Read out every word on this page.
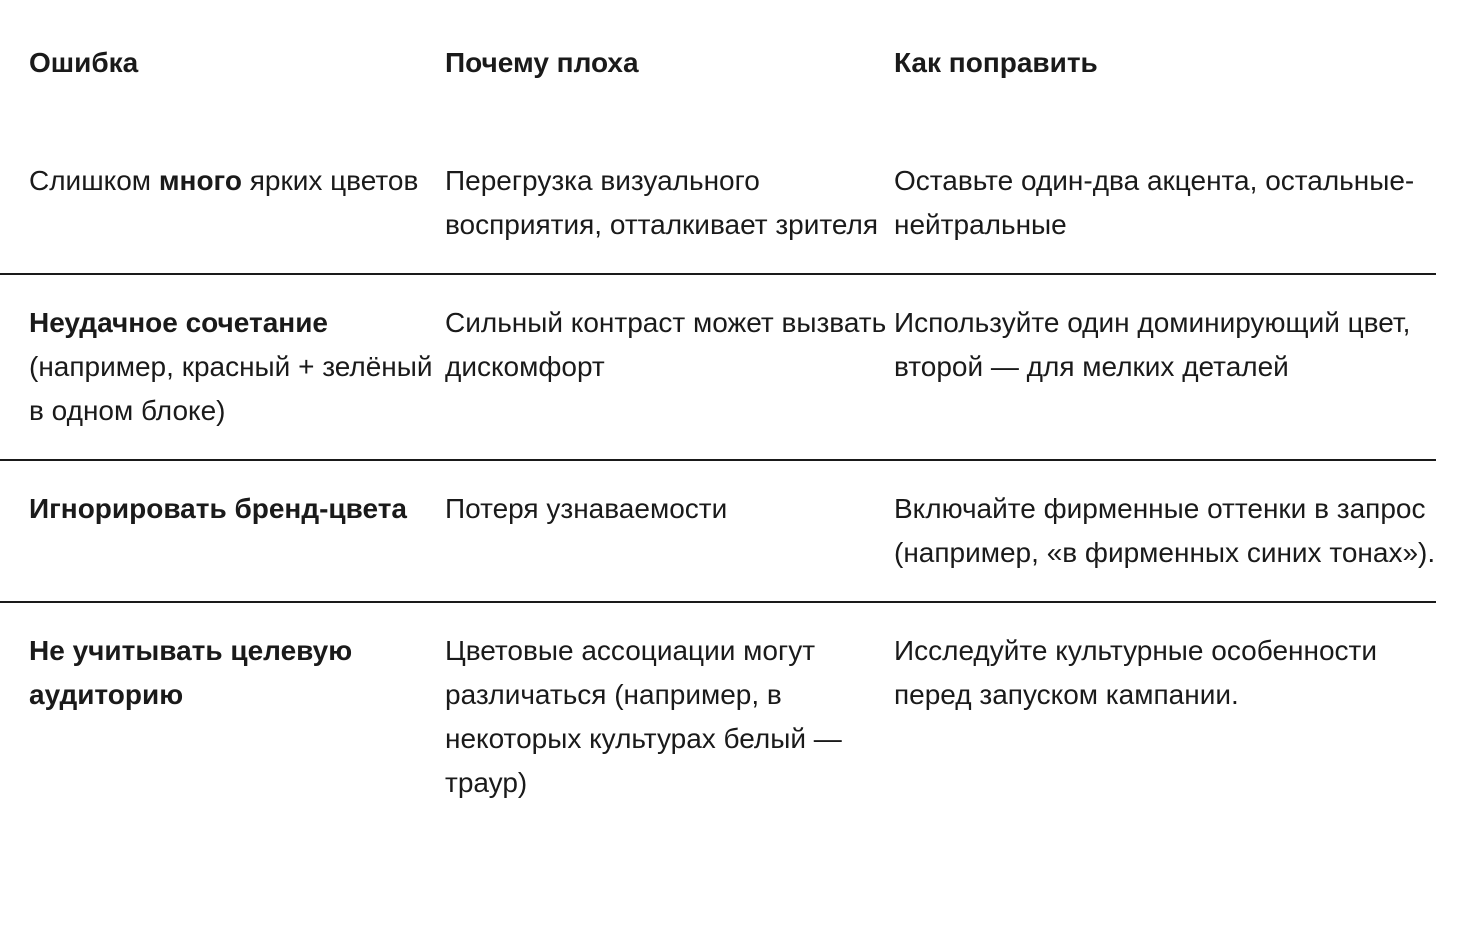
Ошибка	Почему плоха	Как поправить
Слишком много ярких цветов	Перегрузка визуального восприятия, отталкивает зрителя	Оставьте один-два акцента, остальные-нейтральные
Неудачное сочетание (например, красный + зелёный в одном блоке)	Сильный контраст может вызвать дискомфорт	Используйте один доминирующий цвет, второй — для мелких деталей
Игнорировать бренд-цвета	Потеря узнаваемости	Включайте фирменные оттенки в запрос (например, «в фирменных синих тонах»).
Не учитывать целевую аудиторию	Цветовые ассоциации могут различаться (например, в некоторых культурах белый — траур)	Исследуйте культурные особенности перед запуском кампании.
